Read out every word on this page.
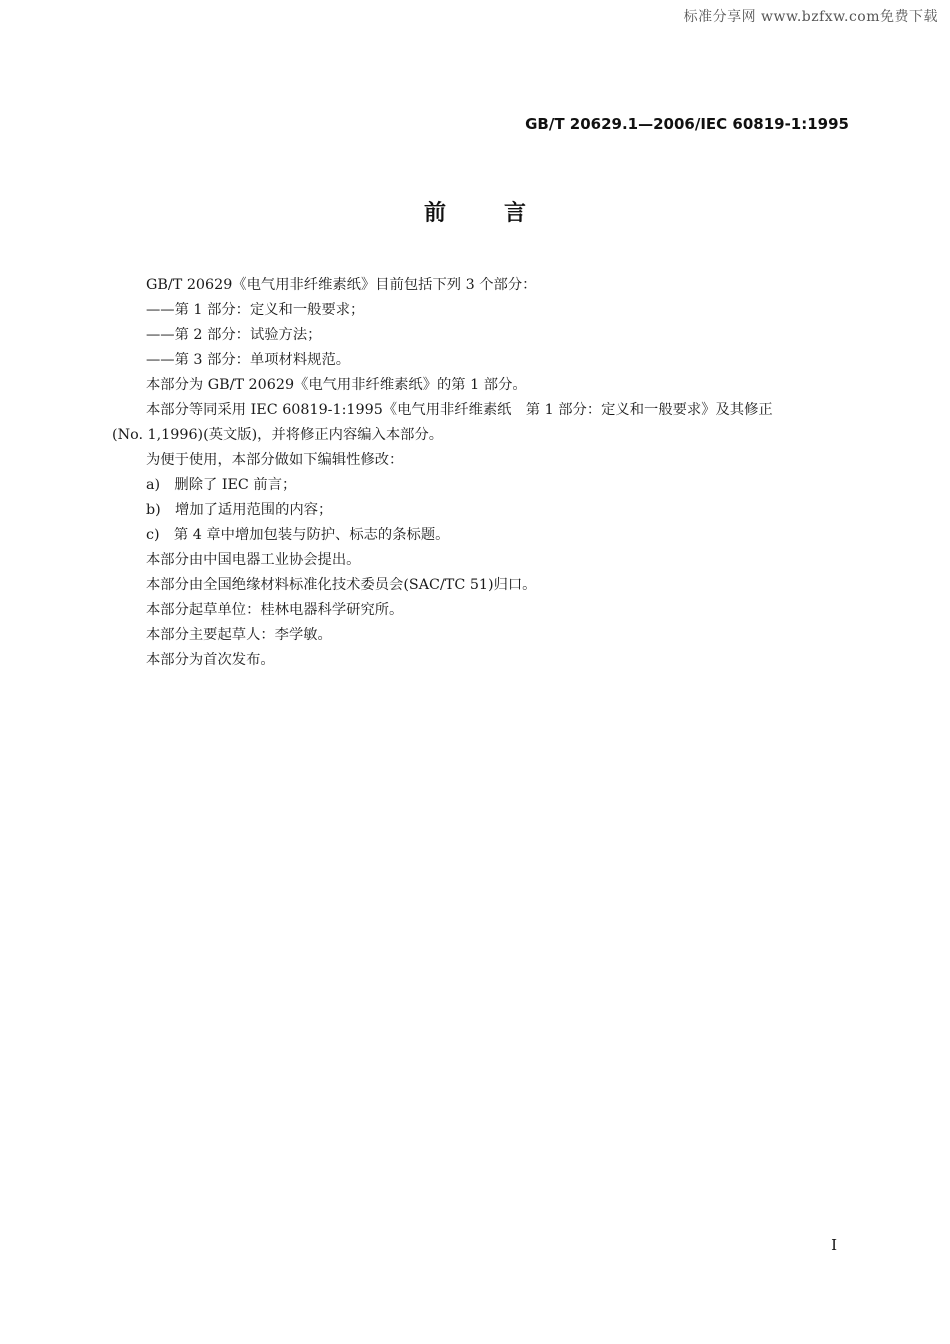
标准分享网 www.bzfxw.com免费下载
GB/T 20629.1—2006/IEC 60819-1:1995
前言

GB/T 20629《电气用非纤维素纸》目前包括下列 3 个部分：

——第 1 部分：定义和一般要求；

——第 2 部分：试验方法；

——第 3 部分：单项材料规范。

本部分为 GB/T 20629《电气用非纤维素纸》的第 1 部分。

本部分等同采用 IEC 60819-1:1995《电气用非纤维素纸　第 1 部分：定义和一般要求》及其修正

(No. 1,1996)(英文版)，并将修正内容编入本部分。

为便于使用，本部分做如下编辑性修改：

a)　删除了 IEC 前言；

b)　增加了适用范围的内容；

c)　第 4 章中增加包装与防护、标志的条标题。

本部分由中国电器工业协会提出。

本部分由全国绝缘材料标准化技术委员会(SAC/TC 51)归口。

本部分起草单位：桂林电器科学研究所。

本部分主要起草人：李学敏。

本部分为首次发布。

I
